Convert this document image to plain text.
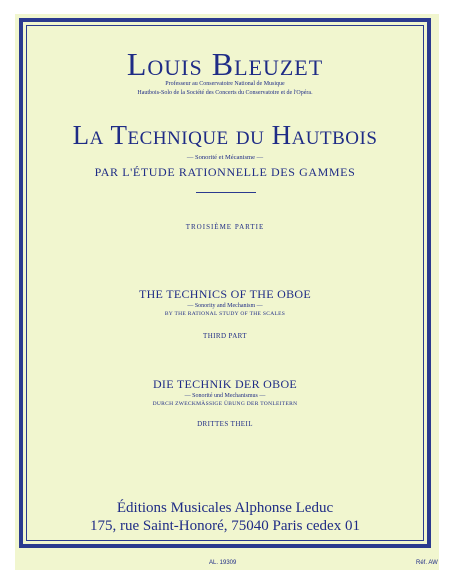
Louis Bleuzet

Professeur au Conservatoire National de Musique

Hautbois-Solo de la Société des Concerts du Conservatoire et de l'Opéra.

La Technique du Hautbois

— Sonorité et Mécanisme —

PAR L'ÉTUDE RATIONNELLE DES GAMMES

TROISIÈME PARTIE

THE TECHNICS OF THE OBOE

— Sonority and Mechanism —

BY THE RATIONAL STUDY OF THE SCALES

THIRD PART

DIE TECHNIK DER OBOE

— Sonorité und Mechanismus —

DURCH ZWECKMÄSSIGE ÜBUNG DER TONLEITERN

DRITTES THEIL

Éditions Musicales Alphonse Leduc

175, rue Saint-Honoré, 75040 Paris cedex 01

AL. 19309	Réf. AW
